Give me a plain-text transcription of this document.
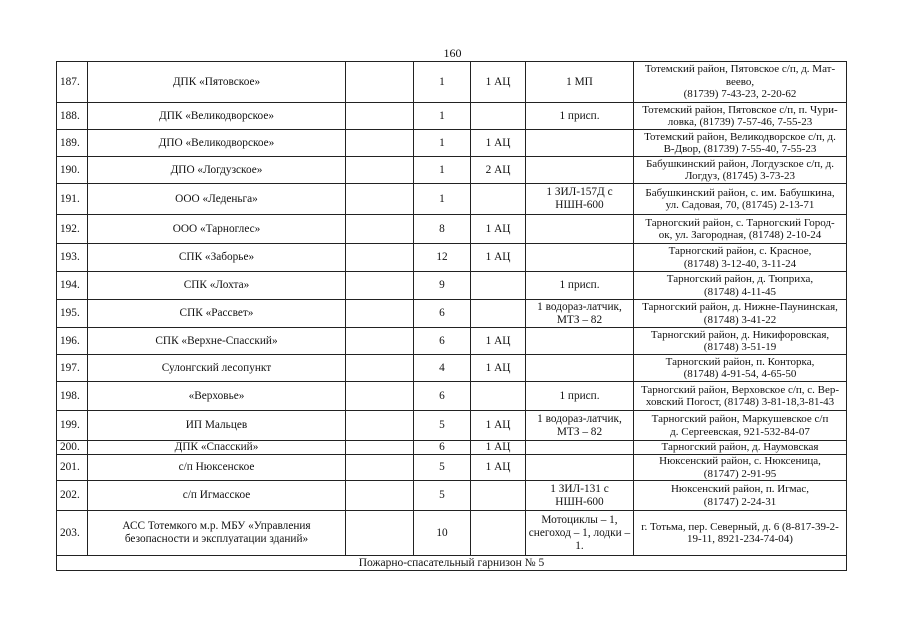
160
187.	ДПК «Пятовское»		1	1 АЦ	1 МП	Тотемский район, Пятовское с/п, д. Мат-
веево,
(81739) 7-43-23, 2-20-62

188.	ДПК «Великодворское»		1		1 присп.	Тотемский район, Пятовское с/п, п. Чури-
ловка, (81739) 7-57-46, 7-55-23

189.	ДПО «Великодворское»		1	1 АЦ		Тотемский район, Великодворское с/п, д.
В-Двор, (81739) 7-55-40, 7-55-23

190.	ДПО «Логдузское»		1	2 АЦ		Бабушкинский район, Логдузское с/п, д.
Логдуз, (81745) 3-73-23

191.	ООО «Леденьга»		1		1 ЗИЛ-157Д с НШН-600	Бабушкинский район, с. им. Бабушкина,
ул. Садовая, 70, (81745) 2-13-71

192.	ООО «Тарноглес»		8	1 АЦ		Тарногский район, с. Тарногский Город-
ок, ул. Загородная, (81748) 2-10-24

193.	СПК «Заборье»		12	1 АЦ		Тарногский район, с. Красное,
(81748) 3-12-40, 3-11-24

194.	СПК «Лохта»		9		1 присп.	Тарногский район, д. Тюприха,
(81748) 4-11-45

195.	СПК «Рассвет»		6		1 водораз-латчик, МТЗ – 82	Тарногский район, д. Нижне-Паунинская,
(81748) 3-41-22

196.	СПК «Верхне-Спасский»		6	1 АЦ		Тарногский район, д. Никифоровская,
(81748) 3-51-19

197.	Сулонгский лесопункт		4	1 АЦ		Тарногский район, п. Конторка,
(81748) 4-91-54, 4-65-50

198.	«Верховье»		6		1 присп.	Тарногский район, Верховское с/п, с. Вер-
ховский Погост, (81748) 3-81-18,3-81-43

199.	ИП Мальцев		5	1 АЦ	1 водораз-латчик, МТЗ – 82	Тарногский район, Маркушевское с/п
д. Сергеевская, 921-532-84-07

200.	ДПК «Спасский»		6	1 АЦ		Тарногский район, д. Наумовская

201.	с/п Нюксенское		5	1 АЦ		Нюксенский район, с. Нюксеница,
(81747) 2-91-95

202.	с/п Игмасское		5		1 ЗИЛ-131 с НШН-600	Нюксенский район, п. Игмас,
(81747) 2-24-31

203.	АСС Тотемкого м.р. МБУ «Управления безопасности и эксплуатации зданий»		10		Мотоциклы – 1, снегоход – 1, лодки – 1.	г. Тотьма, пер. Северный, д. 6 (8-817-39-2-
19-11, 8921-234-74-04)

Пожарно-спасательный гарнизон № 5						
